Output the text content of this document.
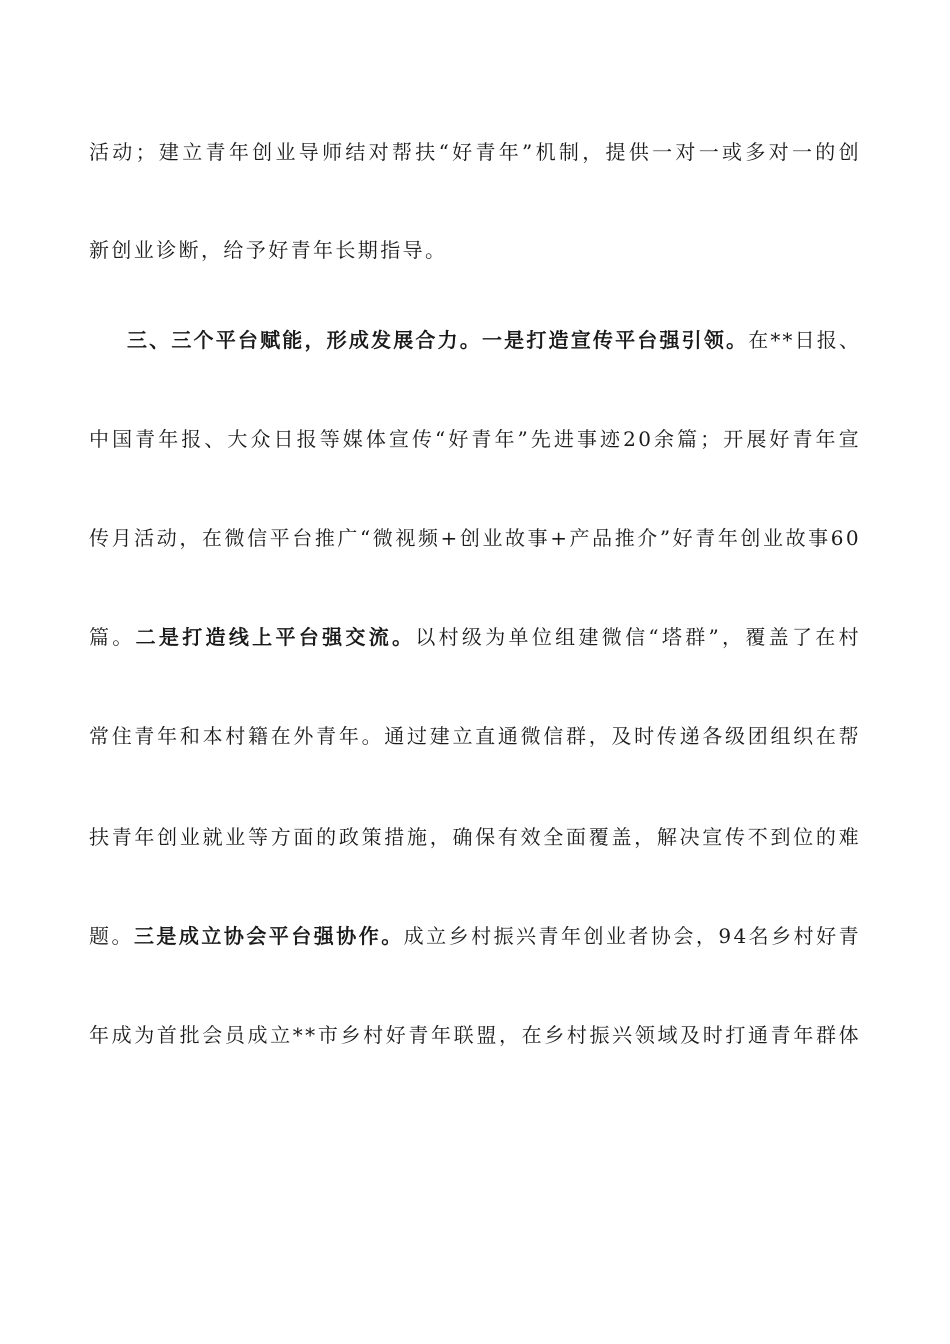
活动；建立青年创业导师结对帮扶“好青年”机制，提供一对一或多对一的创
新创业诊断，给予好青年长期指导。
三、三个平台赋能，形成发展合力。一是打造宣传平台强引领。在**日报、
中国青年报、大众日报等媒体宣传“好青年”先进事迹20余篇；开展好青年宣
传月活动，在微信平台推广“微视频+创业故事+产品推介”好青年创业故事60
篇。二是打造线上平台强交流。以村级为单位组建微信“塔群”，覆盖了在村
常住青年和本村籍在外青年。通过建立直通微信群，及时传递各级团组织在帮
扶青年创业就业等方面的政策措施，确保有效全面覆盖，解决宣传不到位的难
题。三是成立协会平台强协作。成立乡村振兴青年创业者协会，94名乡村好青
年成为首批会员成立**市乡村好青年联盟，在乡村振兴领域及时打通青年群体
